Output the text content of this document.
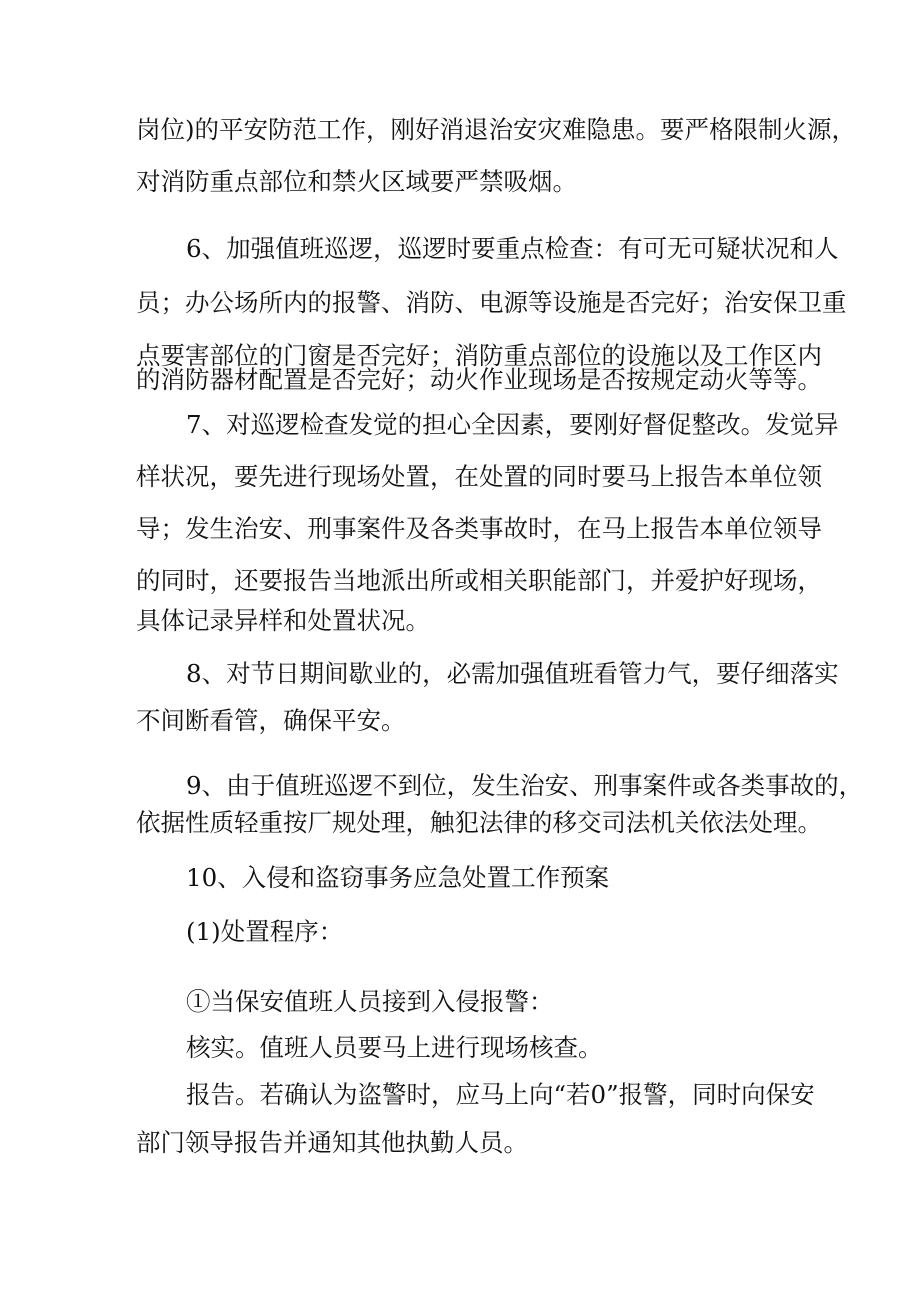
岗位)的平安防范工作，刚好消退治安灾难隐患。要严格限制火源，
对消防重点部位和禁火区域要严禁吸烟。
6、加强值班巡逻，巡逻时要重点检查：有可无可疑状况和人
员；办公场所内的报警、消防、电源等设施是否完好；治安保卫重
点要害部位的门窗是否完好；消防重点部位的设施以及工作区内
的消防器材配置是否完好；动火作业现场是否按规定动火等等。
7、对巡逻检查发觉的担心全因素，要刚好督促整改。发觉异
样状况，要先进行现场处置，在处置的同时要马上报告本单位领
导；发生治安、刑事案件及各类事故时，在马上报告本单位领导
的同时，还要报告当地派出所或相关职能部门，并爱护好现场，
具体记录异样和处置状况。
8、对节日期间歇业的，必需加强值班看管力气，要仔细落实
不间断看管，确保平安。
9、由于值班巡逻不到位，发生治安、刑事案件或各类事故的，
依据性质轻重按厂规处理，触犯法律的移交司法机关依法处理。
10、入侵和盗窃事务应急处置工作预案
(1)处置程序：
①当保安值班人员接到入侵报警：
核实。值班人员要马上进行现场核查。
报告。若确认为盗警时，应马上向“若0”报警，同时向保安
部门领导报告并通知其他执勤人员。
